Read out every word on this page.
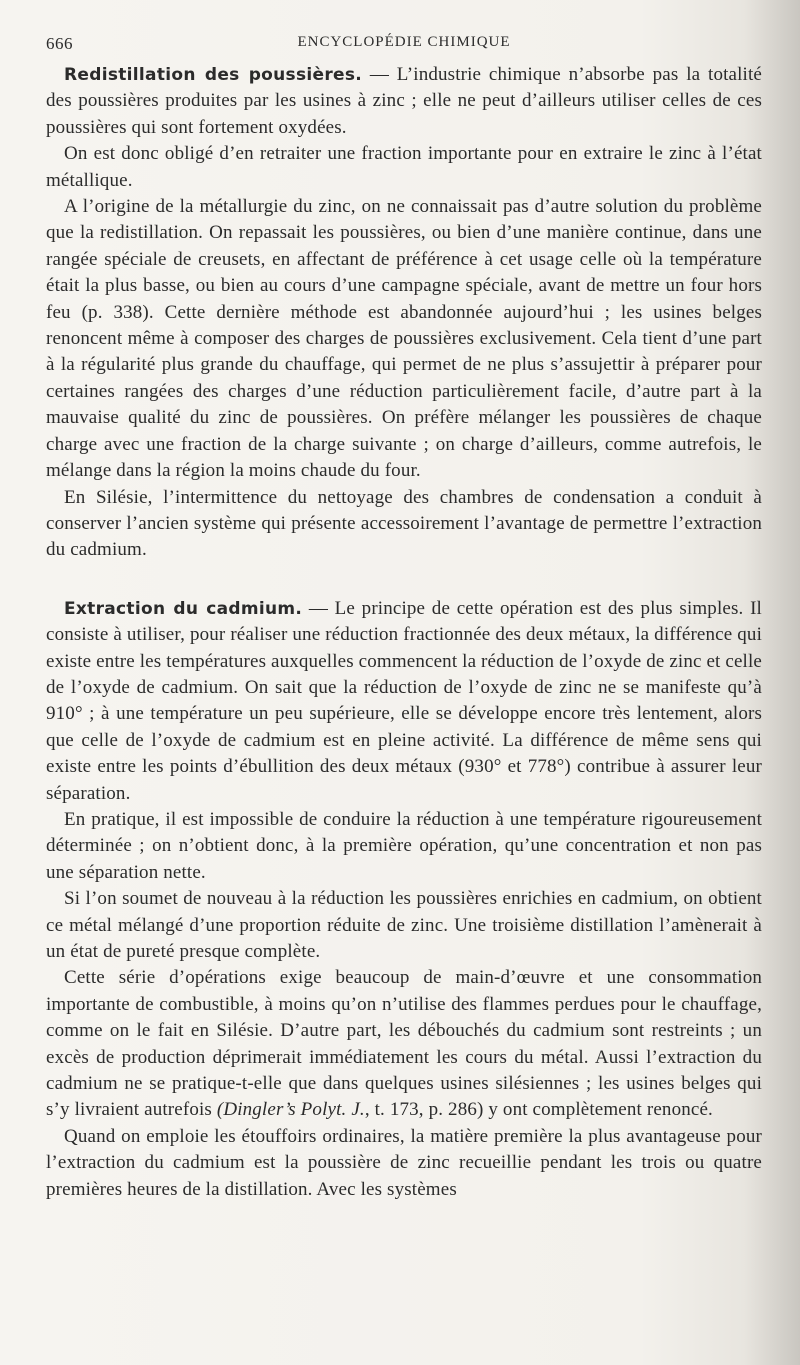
666	ENCYCLOPÉDIE CHIMIQUE

Redistillation des poussières. — L’industrie chimique n’absorbe pas la totalité des poussières produites par les usines à zinc ; elle ne peut d’ailleurs utiliser celles de ces poussières qui sont fortement oxydées.

On est donc obligé d’en retraiter une fraction importante pour en extraire le zinc à l’état métallique.

A l’origine de la métallurgie du zinc, on ne connaissait pas d’autre solution du problème que la redistillation. On repassait les poussières, ou bien d’une manière continue, dans une rangée spéciale de creusets, en affectant de préférence à cet usage celle où la température était la plus basse, ou bien au cours d’une campagne spéciale, avant de mettre un four hors feu (p. 338). Cette dernière méthode est abandonnée aujourd’hui ; les usines belges renoncent même à composer des charges de poussières exclusivement. Cela tient d’une part à la régularité plus grande du chauffage, qui permet de ne plus s’assujettir à préparer pour certaines rangées des charges d’une réduction particulièrement facile, d’autre part à la mauvaise qualité du zinc de poussières. On préfère mélanger les poussières de chaque charge avec une fraction de la charge suivante ; on charge d’ailleurs, comme autrefois, le mélange dans la région la moins chaude du four.

En Silésie, l’intermittence du nettoyage des chambres de condensation a conduit à conserver l’ancien système qui présente accessoirement l’avantage de permettre l’extraction du cadmium.

Extraction du cadmium. — Le principe de cette opération est des plus simples. Il consiste à utiliser, pour réaliser une réduction fractionnée des deux métaux, la différence qui existe entre les températures auxquelles commencent la réduction de l’oxyde de zinc et celle de l’oxyde de cadmium. On sait que la réduction de l’oxyde de zinc ne se manifeste qu’à 910° ; à une température un peu supérieure, elle se développe encore très lentement, alors que celle de l’oxyde de cadmium est en pleine activité. La différence de même sens qui existe entre les points d’ébullition des deux métaux (930° et 778°) contribue à assurer leur séparation.

En pratique, il est impossible de conduire la réduction à une température rigoureusement déterminée ; on n’obtient donc, à la première opération, qu’une concentration et non pas une séparation nette.

Si l’on soumet de nouveau à la réduction les poussières enrichies en cadmium, on obtient ce métal mélangé d’une proportion réduite de zinc. Une troisième distillation l’amènerait à un état de pureté presque complète.

Cette série d’opérations exige beaucoup de main-d’œuvre et une consommation importante de combustible, à moins qu’on n’utilise des flammes perdues pour le chauffage, comme on le fait en Silésie. D’autre part, les débouchés du cadmium sont restreints ; un excès de production déprimerait immédiatement les cours du métal. Aussi l’extraction du cadmium ne se pratique-t-elle que dans quelques usines silésiennes ; les usines belges qui s’y livraient autrefois (Dingler’s Polyt. J., t. 173, p. 286) y ont complètement renoncé.

Quand on emploie les étouffoirs ordinaires, la matière première la plus avantageuse pour l’extraction du cadmium est la poussière de zinc recueillie pendant les trois ou quatre premières heures de la distillation. Avec les systèmes
